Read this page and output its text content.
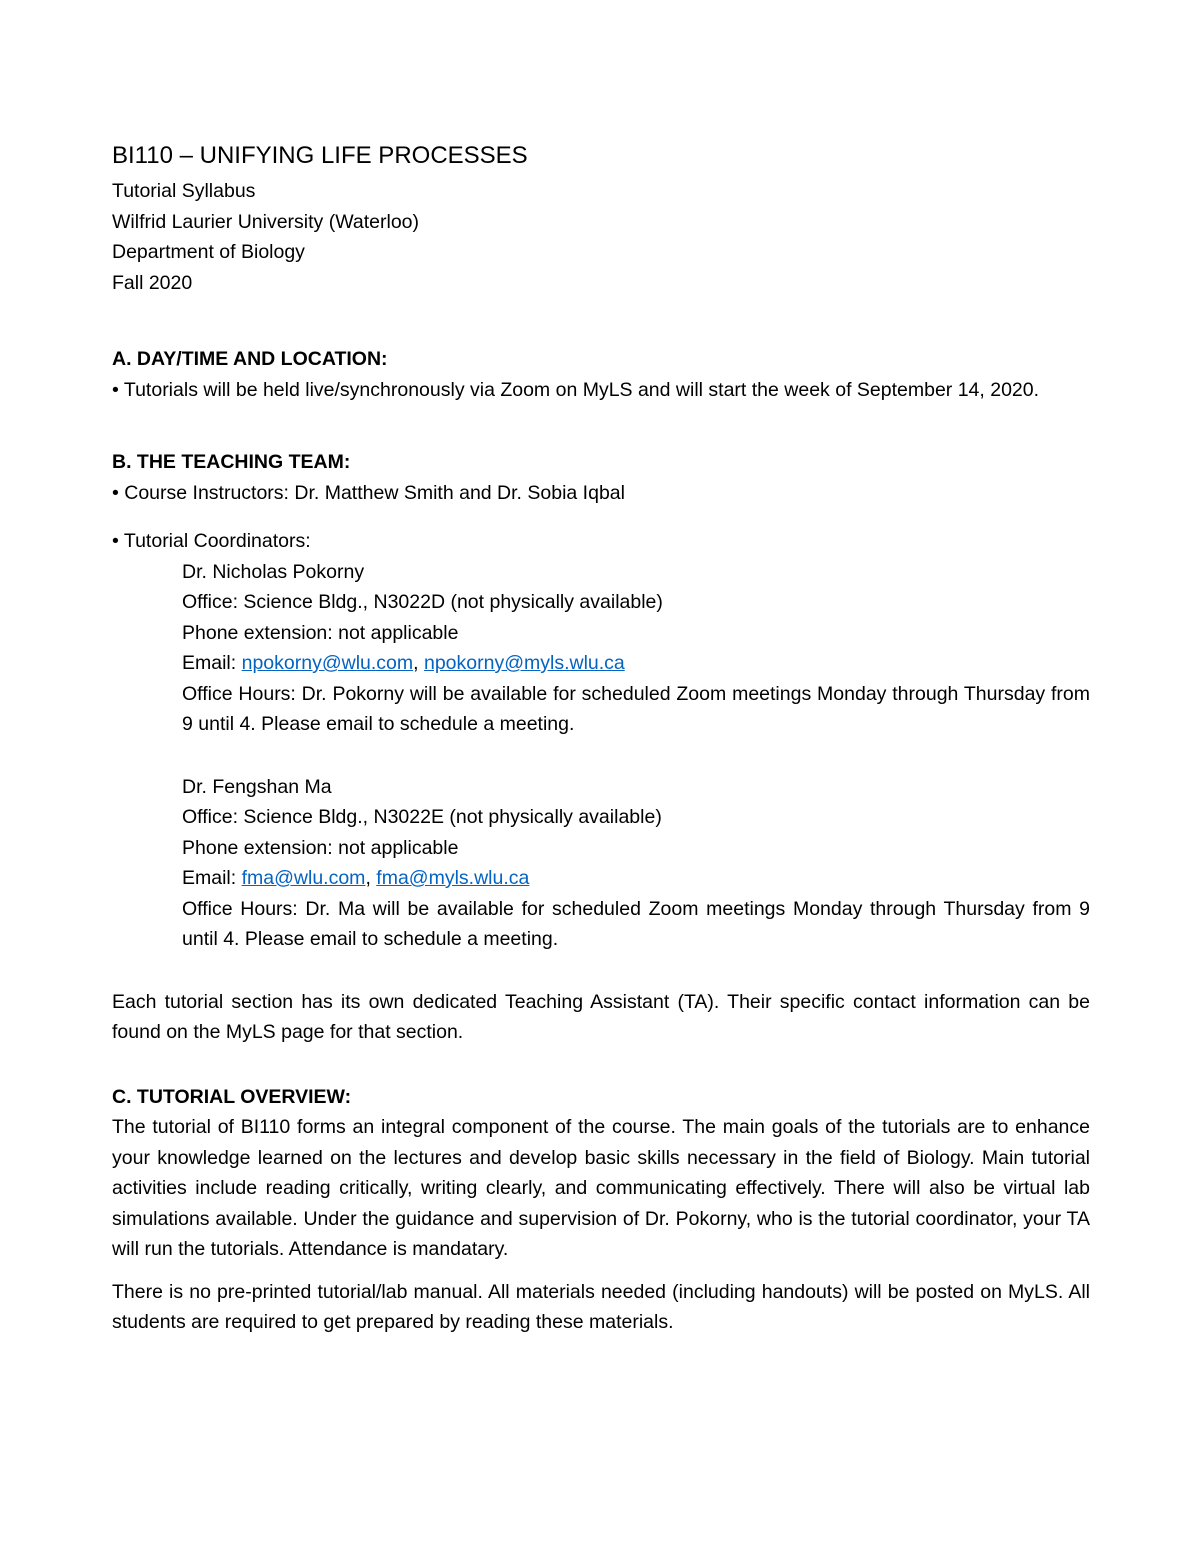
BI110 – UNIFYING LIFE PROCESSES

Tutorial Syllabus

Wilfrid Laurier University (Waterloo)

Department of Biology

Fall 2020

A. DAY/TIME AND LOCATION:

• Tutorials will be held live/synchronously via Zoom on MyLS and will start the week of September 14, 2020.

B. THE TEACHING TEAM:

• Course Instructors: Dr. Matthew Smith and Dr. Sobia Iqbal

• Tutorial Coordinators:

Dr. Nicholas Pokorny

Office: Science Bldg., N3022D (not physically available)

Phone extension: not applicable

Email: npokorny@wlu.com, npokorny@myls.wlu.ca

Office Hours: Dr. Pokorny will be available for scheduled Zoom meetings Monday through Thursday from 9 until 4. Please email to schedule a meeting.

Dr. Fengshan Ma

Office: Science Bldg., N3022E (not physically available)

Phone extension: not applicable

Email: fma@wlu.com, fma@myls.wlu.ca

Office Hours: Dr. Ma will be available for scheduled Zoom meetings Monday through Thursday from 9 until 4. Please email to schedule a meeting.

Each tutorial section has its own dedicated Teaching Assistant (TA). Their specific contact information can be found on the MyLS page for that section.

C. TUTORIAL OVERVIEW:

The tutorial of BI110 forms an integral component of the course. The main goals of the tutorials are to enhance your knowledge learned on the lectures and develop basic skills necessary in the field of Biology. Main tutorial activities include reading critically, writing clearly, and communicating effectively. There will also be virtual lab simulations available. Under the guidance and supervision of Dr. Pokorny, who is the tutorial coordinator, your TA will run the tutorials. Attendance is mandatary.

There is no pre-printed tutorial/lab manual. All materials needed (including handouts) will be posted on MyLS. All students are required to get prepared by reading these materials.
